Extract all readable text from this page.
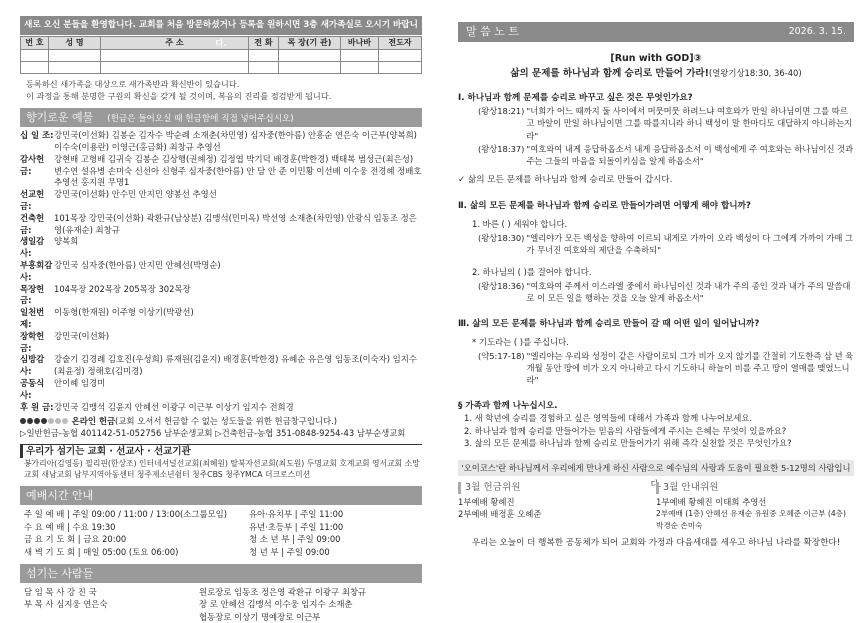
새로 오신 분들을 환영합니다. 교회를 처음 방문하셨거나 등록을 원하시면 3층 새가족실로 오시기 바랍니다.
번 호	성 명	주 소	전 화	목 장(기 관)	바나바	전도자

등록하신 새가족을 대상으로 새가족반과 확신반이 있습니다.
이 과정을 통해 분명한 구원의 확신을 갖게 될 것이며, 복음의 진리를 점검받게 됩니다.
향기로운 예물 (헌금은 들어오실 때 헌금함에 직접 넣어주십시오)
십 일 조: 강민국(이선화) 김봉순 김자수 박순례 소재춘(차민영) 심자중(한아름) 안흥순 연은숙 이근부(양복희) 이수숙(이용란) 이영근(홍금화) 최창규 추영선
감사헌금:
강현배 고형배 김귀숙 김봉순 김상행(권혜정) 김정엽 박기덕 배경훈(박한경) 백태복 범성근(최은성) 변수연 설유병 손미숙 신선아 신형주 심자중(한아름) 안 담 안 준 이민황 이선배 이수웅 전경혜 정배호 추영선 홍지원 무명1
선교헌금:
강민국(이선화) 안수민 안지민 양봉선 추영선
건축헌금:
101목장 강민국(이선화) 곽환규(남상분) 김맹석(민미옥) 박선영 소재춘(차민영) 안광식 임동조 정은영(유재순) 최창규
생일감사:
양복희
부흥회감사:
강민국 심자중(한아름) 안지민 안혜선(박명순)
목장헌금:
104목장 202목장 205목장 302목장
일천번제:
이동형(한재원) 이주형 이상기(박광선)
장학헌금:
강민국(이선화)
심방감사:
강술기 김경례 김호진(우성희) 류재원(김윤지) 배경훈(박한경) 유혜순 유은영 임동조(이숙자) 임지수(최윤정) 정해호(김미경)
공동식사:
안이혜 임경미
후 원 금: 강민국 김맹석 김윤지 안혜선 이광구 이근부 이상기 임지수 전희경
온라인 헌금(교회 오셔서 헌금할 수 없는 성도들을 위한 헌금창구입니다.)
▷일반헌금-농협 401142-51-052756 남부순생교회 ▷건축헌금-농협 351-0848-9254-43 남부순생교회
우리가 섬기는 교회 · 선교사 · 선교기관
봉가리아(김영동) 필리핀(한상조) 인터네셔널선교회(최혜원) 탈북자선교회(최도원) 두명교회 호계교회 영서교회 소망교회 새남교회 남부지역아동센터 청주제소년쉼터 청주CBS 청주YMCA 더크로스미션
예배시간 안내
주 일 예 배 | 주일 09:00 / 11:00 / 13:00(소그룹모임)	유아·유치부 | 주일 11:00
수 요 예 배 | 수요 19:30	유년·초등부 | 주일 11:00
금 요 기 도 회 | 금요 20:00	청 소 년 부 | 주일 09:00
새 벽 기 도 회 | 매일 05:00 (토요 06:00)	청 년 부 | 주일 09:00
섬기는 사람들
담 임 목 사 강 진 국	원로장로 임동조 정은영 곽환규 이광구 최창규
부 목 사 심지웅 연은숙	장 로 안혜선 김맹석 이수웅 임지수 소재춘
협동장로 이상기 명예장로 이근부
말 씀 노 트	2026. 3. 15.
[Run with GOD]③
삶의 문제를 하나님과 함께 승리로 만들어 가라!(열왕기상18:30, 36-40)
Ⅰ. 하나님과 함께 문제를 승리로 바꾸고 싶은 것은 무엇인가요?
(왕상18:21) "너희가 어느 때까지 둘 사이에서 머뭇머뭇 하려느냐 여호와가 만일 하나님이면 그를 따르고 바알이 만일 하나님이면 그를 따를지니라 하니 백성이 말 한마디도 대답하지 아니하는지라"
(왕상18:37) "여호와여 내게 응답하옵소서 내게 응답하옵소서 이 백성에게 주 여호와는 하나님이신 것과 주는 그들의 마음을 되돌이키심을 알게 하옵소서"
✓ 삶의 모든 문제를 하나님과 함께 승리로 만들어 갑시다.
Ⅱ. 삶의 모든 문제를 하나님과 함께 승리로 만들어가려면 어떻게 해야 합니까?
1. 바른 ( ) 세워야 합니다.
(왕상18:30) "엘리야가 모든 백성을 향하여 이르되 내게로 가까이 오라 백성이 다 그에게 가까이 가매 그가 무너진 여호와의 제단을 수축하되"
2. 하나님의 ( )를 걸어야 합니다.
(왕상18:36) "여호와여 주께서 이스라엘 중에서 하나님이신 것과 내가 주의 종인 것과 내가 주의 말씀대로 이 모든 일을 행하는 것을 오늘 알게 하옵소서"
Ⅲ. 삶의 모든 문제를 하나님과 함께 승리로 만들어 갈 때 어떤 일이 일어납니까?
* 기도라는 ( )를 주십니다.
(약5:17-18) "엘리야는 우리와 성정이 같은 사람이로되 그가 비가 오지 않기를 간절히 기도한즉 삼 년 육 개월 동안 땅에 비가 오지 아니하고 다시 기도하니 하늘이 비를 주고 땅이 열매를 맺었느니라"
§ 가족과 함께 나누십시오.
1. 새 학년에 승리를 경험하고 싶은 영역들에 대해서 가족과 함께 나누어보세요.
2. 하나님과 함께 승리를 만들어가는 믿음의 사람들에게 주시는 은혜는 무엇이 있을까요?
3. 삶의 모든 문제를 하나님과 함께 승리로 만들어가기 위해 즉각 실천할 것은 무엇인가요?
'오이코스'란 하나님께서 우리에게 만나게 하신 사람으로 예수님의 사랑과 도움이 필요한 5-12명의 사람입니다.
3월 헌금위원
1부예배 황혜진
2부예배 배정훈 오혜준
3월 안내위원
1부예배 황혜진 이태희 추영선
2부예배 (1층) 안혜선 유재순 유원중 오혜준 이근부 (4층) 박경순 손미숙
우리는 오늘이 더 행복한 공동체가 되어 교회와 가정과 다음세대를 세우고 하나님 나라를 확장한다!
